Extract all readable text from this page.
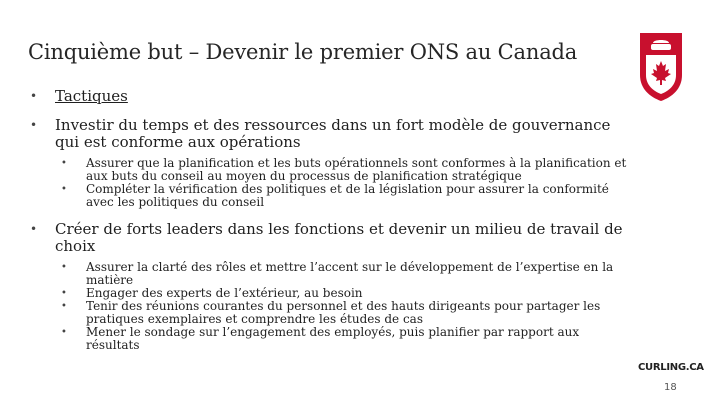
Cinquième but – Devenir le premier ONS au Canada
• Tactiques
• Investir du temps et des ressources dans un fort modèle de gouvernance qui est conforme aux opérations
• Assurer que la planification et les buts opérationnels sont conformes à la planification et aux buts du conseil au moyen du processus de planification stratégique
• Compléter la vérification des politiques et de la législation pour assurer la conformité avec les politiques du conseil
• Créer de forts leaders dans les fonctions et devenir un milieu de travail de choix
• Assurer la clarté des rôles et mettre l’accent sur le développement de l’expertise en la matière
• Engager des experts de l’extérieur, au besoin
• Tenir des réunions courantes du personnel et des hauts dirigeants pour partager les pratiques exemplaires et comprendre les études de cas
• Mener le sondage sur l’engagement des employés, puis planifier par rapport aux résultats
CURLING.CA
18
